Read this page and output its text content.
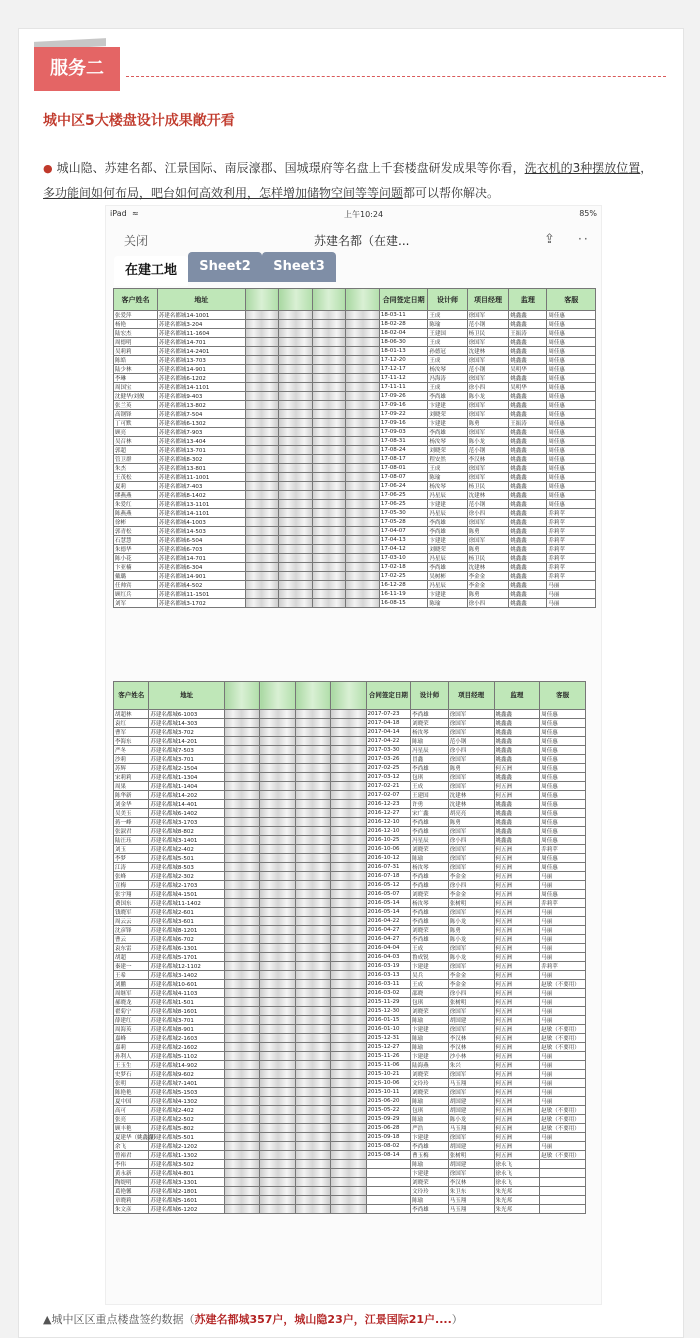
服务二
城中区5大楼盘设计成果敞开看
● 城山隐、苏建名都、江景国际、南辰濠郡、国城璟府等名盘上千套楼盘研发成果等你看，洗衣机的3种摆放位置，多功能间如何布局，吧台如何高效利用，怎样增加储物空间等等问题都可以帮你解决。
iPad ≈	上午10:24	85%
关闭	苏建名都（在建...	⇪ ··
在建工地	Sheet2	Sheet3
客户姓名	地址					合同签定日期	设计师	项目经理	监理	客服
张爱萍	苏建名都城14-1001					18-03-11	王成	徐国军	姚鑫鑫	周佳惠
杨艳	苏建名都城3-204					18-02-28	陈瑜	范小钢	姚鑫鑫	周佳惠
陆宏杰	苏建名都城11-1604					18-02-04	王建国	杨卫民	王振涛	周佳惠
周德明	苏建名都城14-701					18-06-30	王成	徐国军	姚鑫鑫	周佳惠
吴莉莉	苏建名都城14-2401					18-01-13	孙德冠	沈建林	姚鑫鑫	周佳惠
陈皓	苏建名都城13-703					17-12-20	王成	徐国军	姚鑫鑫	周佳惠
陆少林	苏建名都城14-901					17-12-17	杨汝琴	范小钢	吴明华	周佳惠
李琳	苏建名都城6-1202					17-11-12	冯海涛	徐国军	姚鑫鑫	周佳惠
周国宝	苏建名都城14-1101					17-11-11	王成	徐小四	吴明华	周佳惠
沈健华/刘俊	苏建名都城9-403					17-09-26	李尚雄	陈小龙	姚鑫鑫	周佳惠
张兰英	苏建名都城13-802					17-09-16	卞建建	徐国军	姚鑫鑫	周佳惠
高钢锋	苏建名都城7-504					17-09-22	刘晓荣	徐国军	姚鑫鑫	周佳惠
丁可默	苏建名都城6-1302					17-09-16	卞建建	陈勇	王振涛	周佳惠
顾亮	苏建名都城7-903					17-09-03	李尚雄	徐国军	姚鑫鑫	周佳惠
吴召林	苏建名都城13-404					17-08-31	杨汝琴	陈小龙	姚鑫鑫	周佳惠
郭超	苏建名都城13-701					17-08-24	刘晓荣	范小钢	姚鑫鑫	周佳惠
管卫群	苏建名都城8-302					17-08-17	程安然	李汉林	姚鑫鑫	周佳惠
朱杰	苏建名都城13-801					17-08-01	王成	徐国军	姚鑫鑫	周佳惠
王茂松	苏建名都城11-1001					17-08-07	陈瑜	徐国军	姚鑫鑫	周佳惠
夏莉	苏建名都城7-403					17-06-24	杨汝琴	杨卫民	姚鑫鑫	周佳惠
缪燕燕	苏建名都城8-1402					17-06-25	冯星辰	沈建林	姚鑫鑫	周佳惠
朱爱红	苏建名都城13-1101					17-06-25	卞建建	范小钢	姚鑫鑫	周佳惠
陈燕燕	苏建名都城14-1101					17-05-30	冯星辰	徐小四	姚鑫鑫	乔莉苹
徐彬	苏建名都城4-1003					17-05-28	李尚雄	徐国军	姚鑫鑫	乔莉苹
郭青松	苏建名都城14-503					17-04-07	李尚雄	陈勇	姚鑫鑫	乔莉苹
石慧慧	苏建名都城6-504					17-04-13	卞建建	徐国军	姚鑫鑫	乔莉苹
朱德华	苏建名都城6-703					17-04-12	刘晓荣	陈勇	姚鑫鑫	乔莉苹
陈小花	苏建名都城14-701					17-03-10	冯星辰	杨卫民	姚鑫鑫	乔莉苹
卞亚楠	苏建名都城6-304					17-02-18	李尚雄	沈建林	姚鑫鑫	乔莉苹
戴璐	苏建名都城14-901					17-02-25	吴树彬	李金金	姚鑫鑫	乔莉苹
任帅宾	苏建名都城4-502					16-12-28	冯星辰	李金金	姚鑫鑫	马丽
顾红兵	苏建名都城11-1501					16-11-19	卞建建	陈勇	姚鑫鑫	马丽
刘军	苏建名都城3-1702					16-08-15	陈瑜	徐小四	姚鑫鑫	马丽
客户姓名	地址					合同签定日期	设计师	项目经理	监理	客服
胡超林	苏建名都城6-1003					2017-07-23	李尚雄	徐国军	姚鑫鑫	周佳惠
袁红	苏建名都城14-303					2017-04-18	刘晓荣	徐国军	姚鑫鑫	周佳惠
曹军	苏建名都城3-702					2017-04-14	杨汝琴	徐国军	姚鑫鑫	周佳惠
李海东	苏建名都城14-201					2017-04-22	陈瑜	范小钢	姚鑫鑫	周佳惠
严冬	苏建名都城7-503					2017-03-30	冯星辰	徐小四	姚鑫鑫	周佳惠
沙莉	苏建名都城3-701					2017-03-26	冒鑫	徐国军	姚鑫鑫	周佳惠
苏辉	苏建名都城2-1504					2017-02-25	李尚雄	陈勇	何五洲	周佳惠
宋莉莉	苏建名都城1-1304					2017-03-12	包琪	徐国军	姚鑫鑫	周佳惠
周果	苏建名都城1-1404					2017-02-21	王成	徐国军	何五洲	周佳惠
陈华新	苏建名都城14-202					2017-02-07	王建国	沈建林	何五洲	周佳惠
刘金华	苏建名都城14-401					2016-12-23	许勇	沈建林	姚鑫鑫	周佳惠
吴美玉	苏建名都城6-1402					2016-12-27	宋广鑫	胡亮亮	姚鑫鑫	周佳惠
蒋一峰	苏建名都城3-1703					2016-12-10	李尚雄	陈勇	姚鑫鑫	周佳惠
张淑君	苏建名都城8-802					2016-12-10	李尚雄	徐国军	姚鑫鑫	周佳惠
陆汪珏	苏建名都城3-1401					2016-10-25	冯星辰	徐小四	姚鑫鑫	周佳惠
刘玉	苏建名都城2-402					2016-10-06	刘晓荣	徐国军	何五洲	乔莉苹
李梦	苏建名都城5-501					2016-10-12	陈瑜	徐国军	何五洲	周佳惠
江涛	苏建名都城8-503					2016-07-31	杨汝琴	徐国军	何五洲	周佳惠
张峰	苏建名都城2-302					2016-07-18	李尚雄	李金金	何五洲	马丽
宣梅	苏建名都城2-1703					2016-05-12	李尚雄	徐小四	何五洲	马丽
张宇翔	苏建名都城4-1501					2016-05-07	刘晓荣	李金金	何五洲	周佳惠
费国东	苏建名都城11-1402					2016-05-14	杨汝琴	张树明	何五洲	乔莉苹
钱晓军	苏建名都城2-601					2016-05-14	李尚雄	徐国军	何五洲	马丽
周云云	苏建名都城3-601					2016-04-22	李尚雄	陈小龙	何五洲	马丽
沈彦锋	苏建名都城8-1201					2016-04-27	刘晓荣	陈勇	何五洲	马丽
曹云	苏建名都城6-702					2016-04-27	李尚雄	陈小龙	何五洲	马丽
袁东雷	苏建名都城6-1301					2016-04-04	王成	徐国军	何五洲	马丽
胡超	苏建名都城5-1701					2016-04-03	鲁成锐	陈小龙	何五洲	马丽
秦建一	苏建名都城12-1102					2016-03-19	卞建建	徐国军	何五洲	乔莉苹
王希	苏建名都城3-1402					2016-03-13	吴兵	李金金	何五洲	马丽
刘鹏	苏建名都城10-601					2016-03-11	王成	李金金	何五洲	赵敏（不要用）
周继军	苏建名都城4-1103					2016-03-02	邵晓	徐小四	何五洲	马丽
郝晓龙	苏建名都城1-501					2015-11-29	包琪	张树明	何五洲	马丽
翟菊宁	苏建名都城8-1601					2015-12-30	刘晓荣	徐国军	何五洲	马丽
薛建红	苏建名都城3-701					2016-01-15	陈瑜	胡国建	何五洲	马丽
周海英	苏建名都城8-901					2016-01-10	卞建建	徐国军	何五洲	赵敏（不要用）
嘉峰	苏建名都城2-1603					2015-12-31	陈瑜	李汉林	何五洲	赵敏（不要用）
嘉莉	苏建名都城2-1602					2015-12-27	陈瑜	李汉林	何五洲	赵敏（不要用）
孙利人	苏建名都城5-1102					2015-11-26	卞建建	沙小林	何五洲	马丽
王玉生	苏建名都城14-902					2015-11-06	陆海燕	朱兴	何五洲	马丽
史梦石	苏建名都城9-602					2015-10-21	刘晓荣	徐国军	何五洲	马丽
张明	苏建名都城7-1401					2015-10-06	文玲玲	马玉翔	何五洲	马丽
陈艳艳	苏建名都城5-1503					2015-10-11	刘晓荣	徐国军	何五洲	马丽
夏中国	苏建名都城4-1302					2015-06-20	陈瑜	胡国建	何五洲	马丽
高可	苏建名都城2-402					2015-05-22	包琪	胡国建	何五洲	赵敏（不要用）
张亮	苏建名都城2-502					2015-09-29	陈瑜	陈小龙	何五洲	赵敏（不要用）
顾丰艳	苏建名都城5-802					2015-06-28	严浩	马玉翔	何五洲	赵敏（不要用）
夏建华（姚鑫鑫）	苏建名都城5-501					2015-09-18	卞建建	徐国军	何五洲	马丽
余飞	苏建名都城2-1202					2015-08-02	李尚雄	胡国建	何五洲	马丽
曾裕君	苏建名都城1-1302					2015-08-14	曹玉梅	张树明	何五洲	赵敏（不要用）
李伟	苏建名都城3-502						陈瑜	胡国建	徐永飞	
黄永新	苏建名都城4-801						卞建建	徐国军	徐永飞	
陶缇明	苏建名都城3-1301						刘晓荣	李汉林	徐永飞	
葛艳馨	苏建名都城2-1801						文玲玲	朱卫东	朱光邦	
章晓莉	苏建名都城5-1601						陈瑜	马玉翔	朱光邦	
朱文彦	苏建名都城6-1202						李尚雄	马玉翔	朱光邦	
▲城中区区重点楼盘签约数据（苏建名都城357户，城山隐23户，江景国际21户....）
